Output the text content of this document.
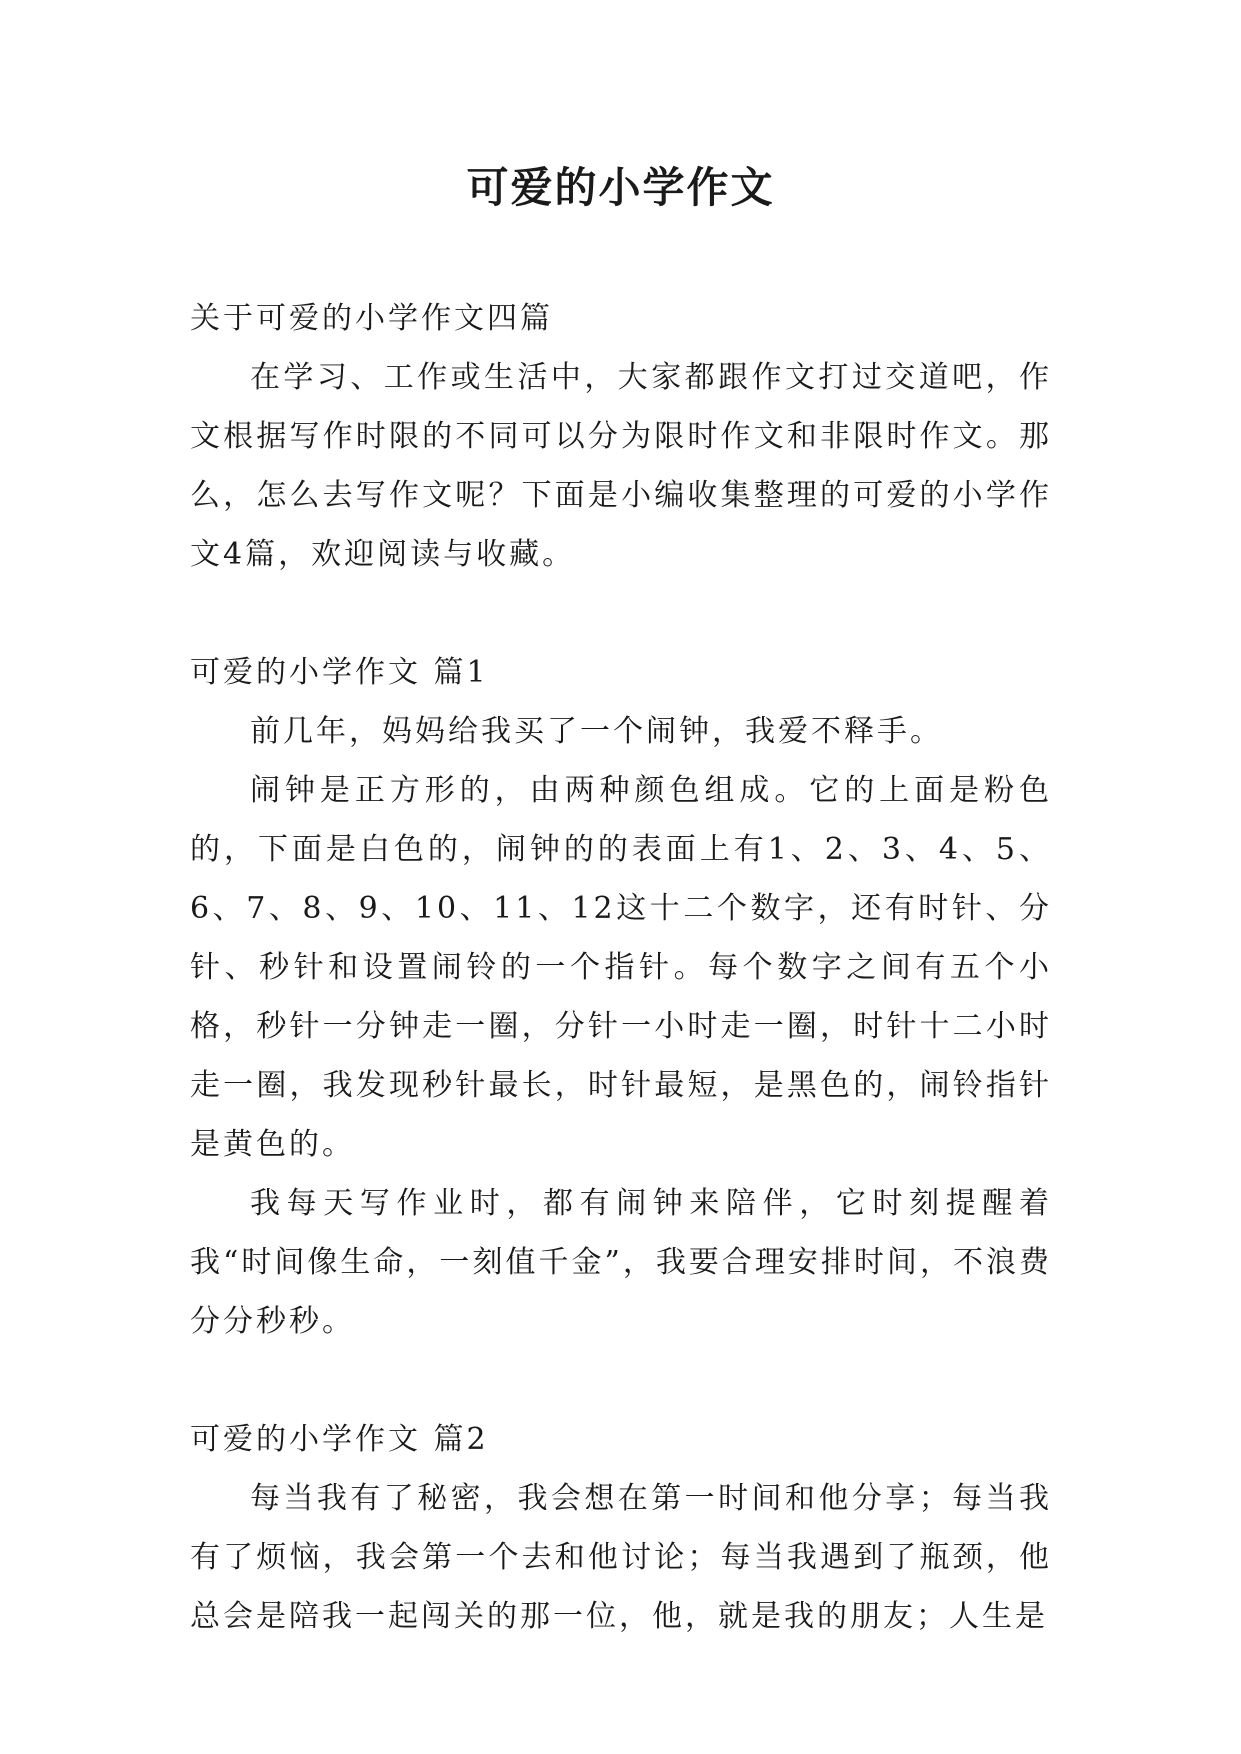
可爱的小学作文

关于可爱的小学作文四篇

在学习、工作或生活中，大家都跟作文打过交道吧，作文根据写作时限的不同可以分为限时作文和非限时作文。那么，怎么去写作文呢？下面是小编收集整理的可爱的小学作文4篇，欢迎阅读与收藏。

可爱的小学作文 篇1

前几年，妈妈给我买了一个闹钟，我爱不释手。

闹钟是正方形的，由两种颜色组成。它的上面是粉色的，下面是白色的，闹钟的的表面上有1、2、3、4、5、6、7、8、9、10、11、12这十二个数字，还有时针、分针、秒针和设置闹铃的一个指针。每个数字之间有五个小格，秒针一分钟走一圈，分针一小时走一圈，时针十二小时走一圈，我发现秒针最长，时针最短，是黑色的，闹铃指针是黄色的。

我每天写作业时，都有闹钟来陪伴，它时刻提醒着我“时间像生命，一刻值千金”，我要合理安排时间，不浪费分分秒秒。

可爱的小学作文 篇2

每当我有了秘密，我会想在第一时间和他分享；每当我有了烦恼，我会第一个去和他讨论；每当我遇到了瓶颈，他总会是陪我一起闯关的那一位，他，就是我的朋友；人生是
